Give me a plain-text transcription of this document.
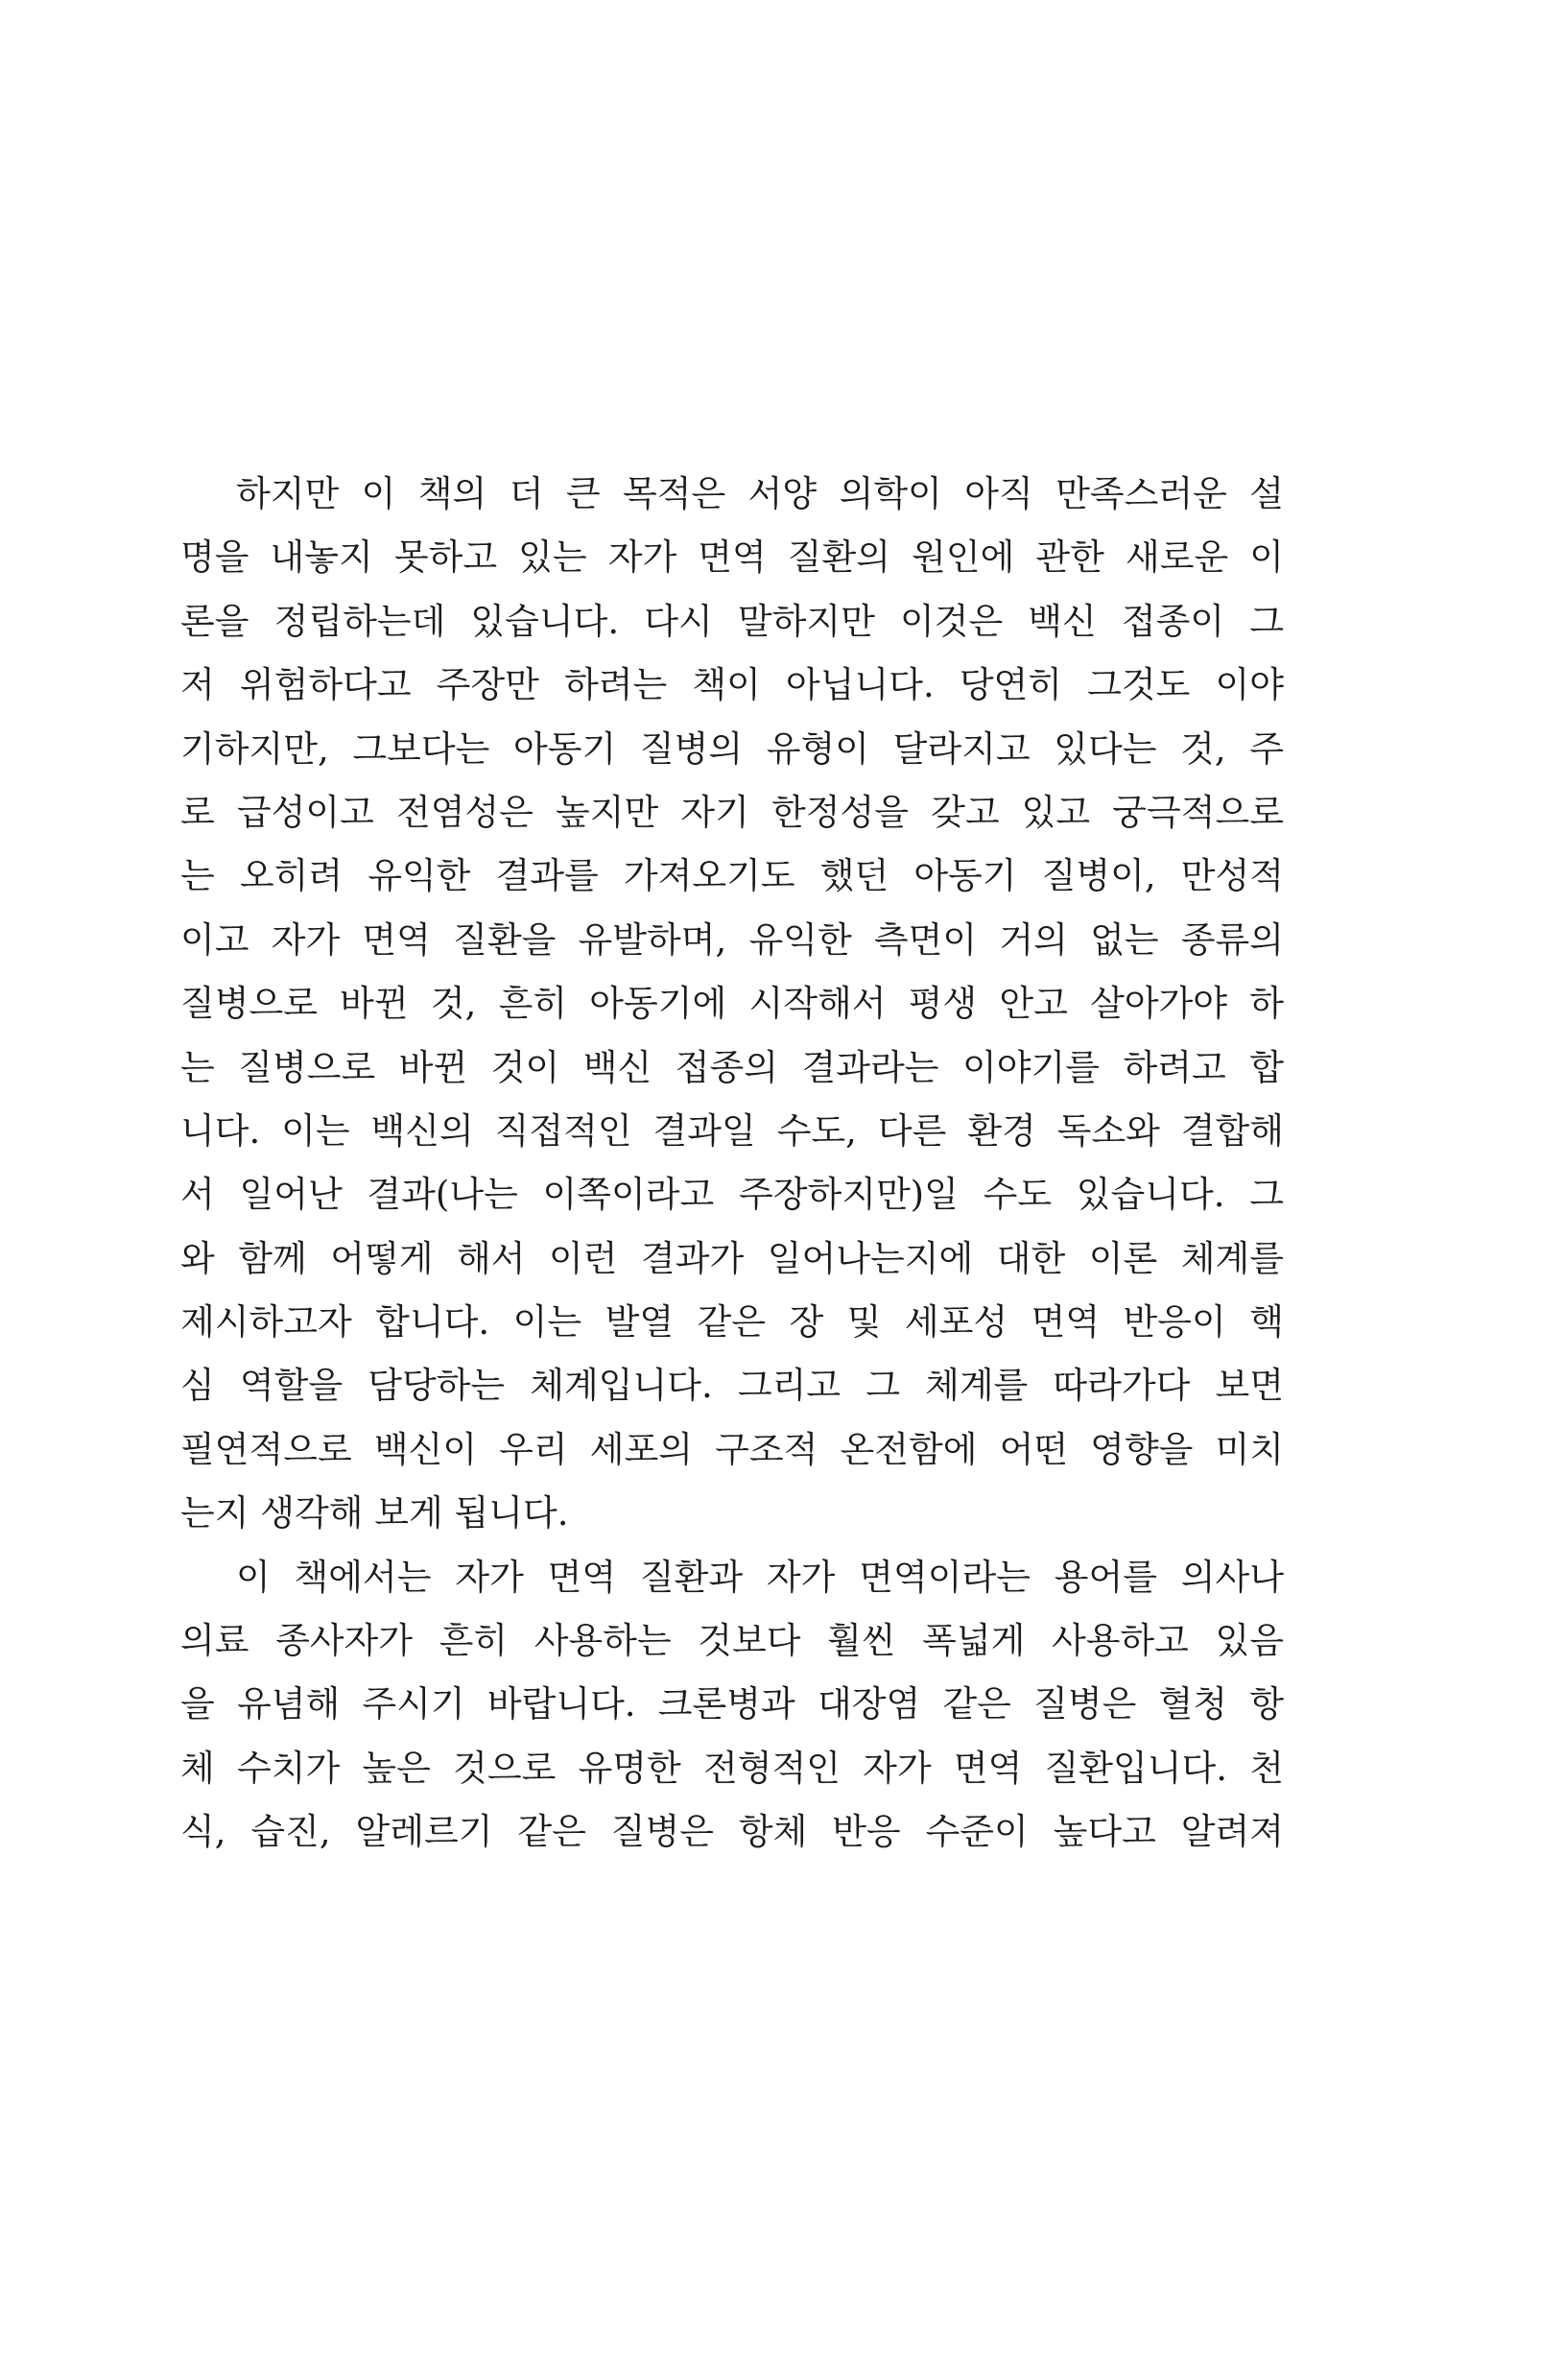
하지만 이 책의 더 큰 목적은 서양 의학이 아직 만족스러운 설
명을 내놓지 못하고 있는 자가 면역 질환의 원인에 관한 새로운 이
론을 정립하는데 있습니다. 다시 말하지만 이것은 백신 접종이 그
저 위험하다고 주장만 하려는 책이 아닙니다. 당연히 그것도 이야
기하지만, 그보다는 아동기 질병의 유형이 달라지고 있다는 것, 주
로 급성이고 전염성은 높지만 자기 한정성을 갖고 있고 궁극적으로
는 오히려 유익한 결과를 가져오기도 했던 아동기 질병이, 만성적
이고 자가 면역 질환을 유발하며, 유익한 측면이 거의 없는 종류의
질병으로 바뀐 것, 흔히 아동기에 시작해서 평생 안고 살아가야 하
는 질병으로 바뀐 것이 백신 접종의 결과라는 이야기를 하려고 합
니다. 이는 백신의 직접적인 결과일 수도, 다른 환경 독소와 결합해
서 일어난 결과(나는 이쪽이라고 주장하지만)일 수도 있습니다. 그
와 함께 어떻게 해서 이런 결과가 일어나는지에 대한 이론 체계를
제시하고자 합니다. 이는 발열 같은 장 및 세포성 면역 반응이 핵
심 역할을 담당하는 체계입니다. 그리고 그 체계를 따라가다 보면
필연적으로 백신이 우리 세포의 구조적 온전함에 어떤 영향을 미치
는지 생각해 보게 됩니다.
이 책에서는 자가 면역 질환과 자가 면역이라는 용어를 의사나
의료 종사자가 흔히 사용하는 것보다 훨씬 폭넓게 사용하고 있음
을 유념해 주시기 바랍니다. 크론병과 대장염 같은 질병은 혈청 항
체 수치가 높은 것으로 유명한 전형적인 자가 면역 질환입니다. 천
식, 습진, 알레르기 같은 질병은 항체 반응 수준이 높다고 알려져
